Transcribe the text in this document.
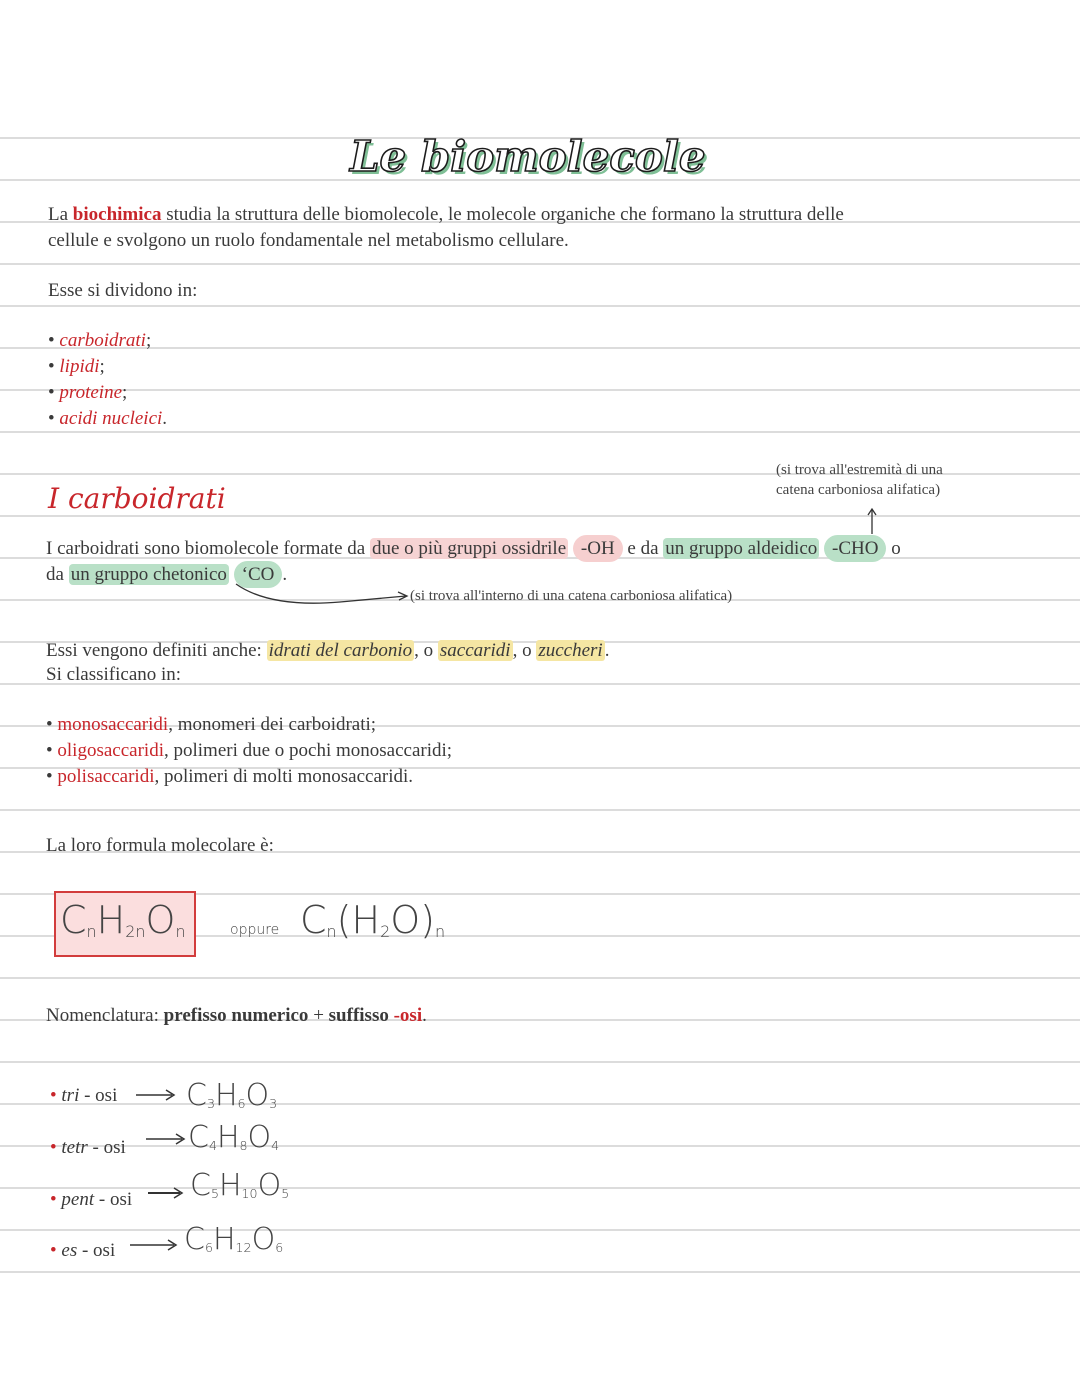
Le biomolecole
La biochimica studia la struttura delle biomolecole, le molecole organiche che formano la struttura delle
cellule e svolgono un ruolo fondamentale nel metabolismo cellulare.
Esse si dividono in:
• carboidrati;
• lipidi;
• proteine;
• acidi nucleici.
(si trova all'estremità di una
catena carboniosa alifatica)
I carboidrati
I carboidrati sono biomolecole formate da due o più gruppi ossidrile -OH e da un gruppo aldeidico -CHO o
da un gruppo chetonico ‘CO .
(si trova all'interno di una catena carboniosa alifatica)
Essi vengono definiti anche: idrati del carbonio , o saccaridi , o zuccheri .
Si classificano in:
• monosaccaridi, monomeri dei carboidrati;
• oligosaccaridi, polimeri due o pochi monosaccaridi;
• polisaccaridi, polimeri di molti monosaccaridi.
La loro formula molecolare è:
$C_nH_{2n}O_n$	oppure $C_n(H_2O)_n$
Nomenclatura: prefisso numerico + suffisso -osi.
• tri - osi $C_3H_6O_3$
• tetr - osi $C_4H_8O_4$
• pent - osi $C_5H_{10}O_5$
• es - osi $C_6H_{12}O_6$
